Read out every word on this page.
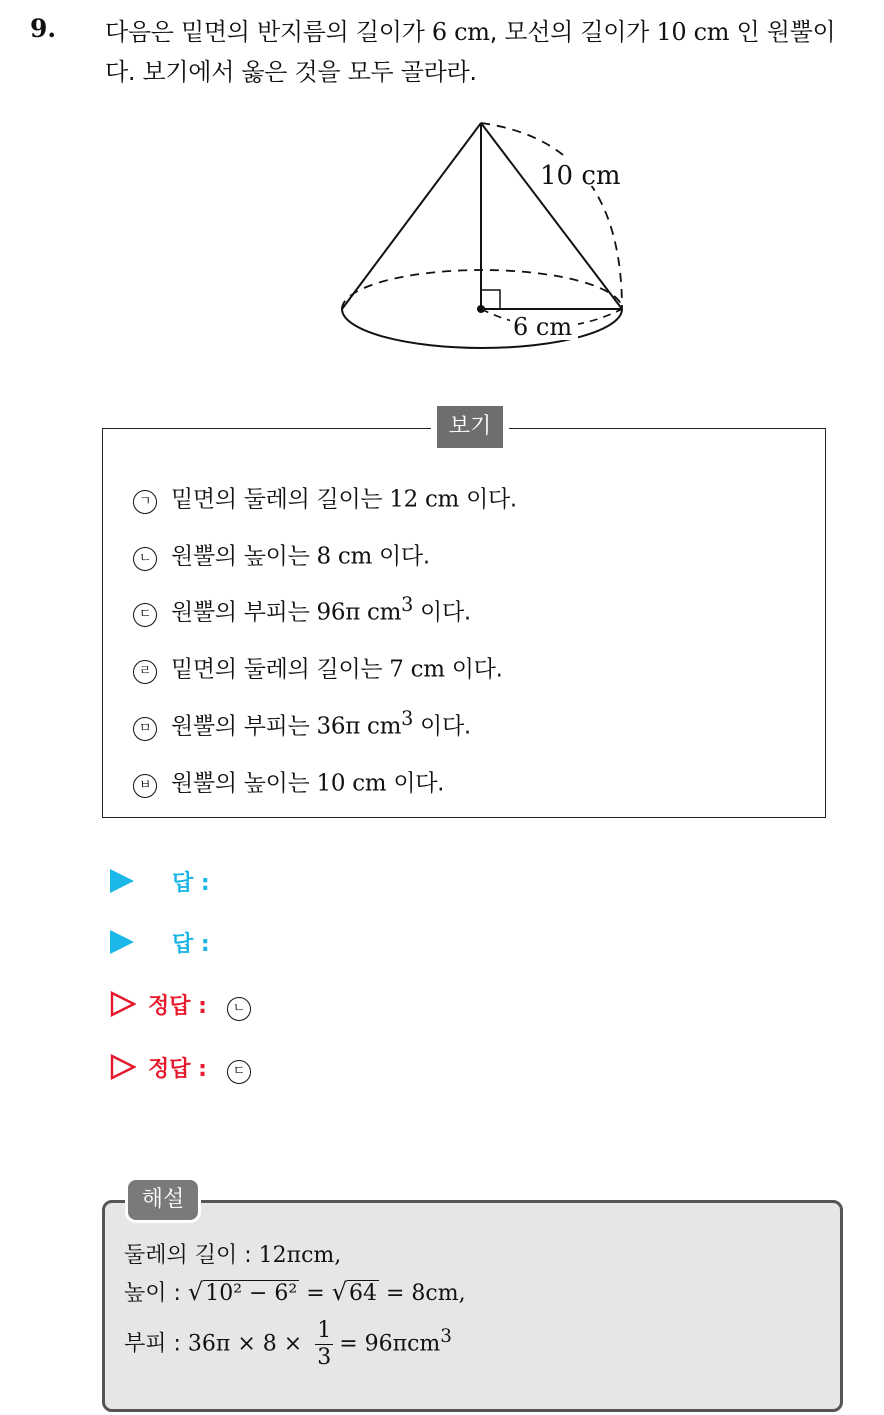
9. 다음은 밑면의 반지름의 길이가 6 cm, 모선의 길이가 10 cm 인 원뿔이
다. 보기에서 옳은 것을 모두 골라라.
10 cm
6 cm
보기
ㄱ 밑면의 둘레의 길이는 12 cm 이다.
ㄴ 원뿔의 높이는 8 cm 이다.
ㄷ 원뿔의 부피는 96π $cm^3$ 이다.
ㄹ 밑면의 둘레의 길이는 7 cm 이다.
ㅁ 원뿔의 부피는 36π $cm^3$ 이다.
ㅂ 원뿔의 높이는 10 cm 이다.
답 :
답 :
정답 : ㄴ
정답 : ㄷ
해설
둘레의 길이 : 12πcm,
높이 : √10² − 6² = √64 = 8cm,
부피 : $36\pi \times 8 \times \frac{1}{3} = 96\pi cm^3$
